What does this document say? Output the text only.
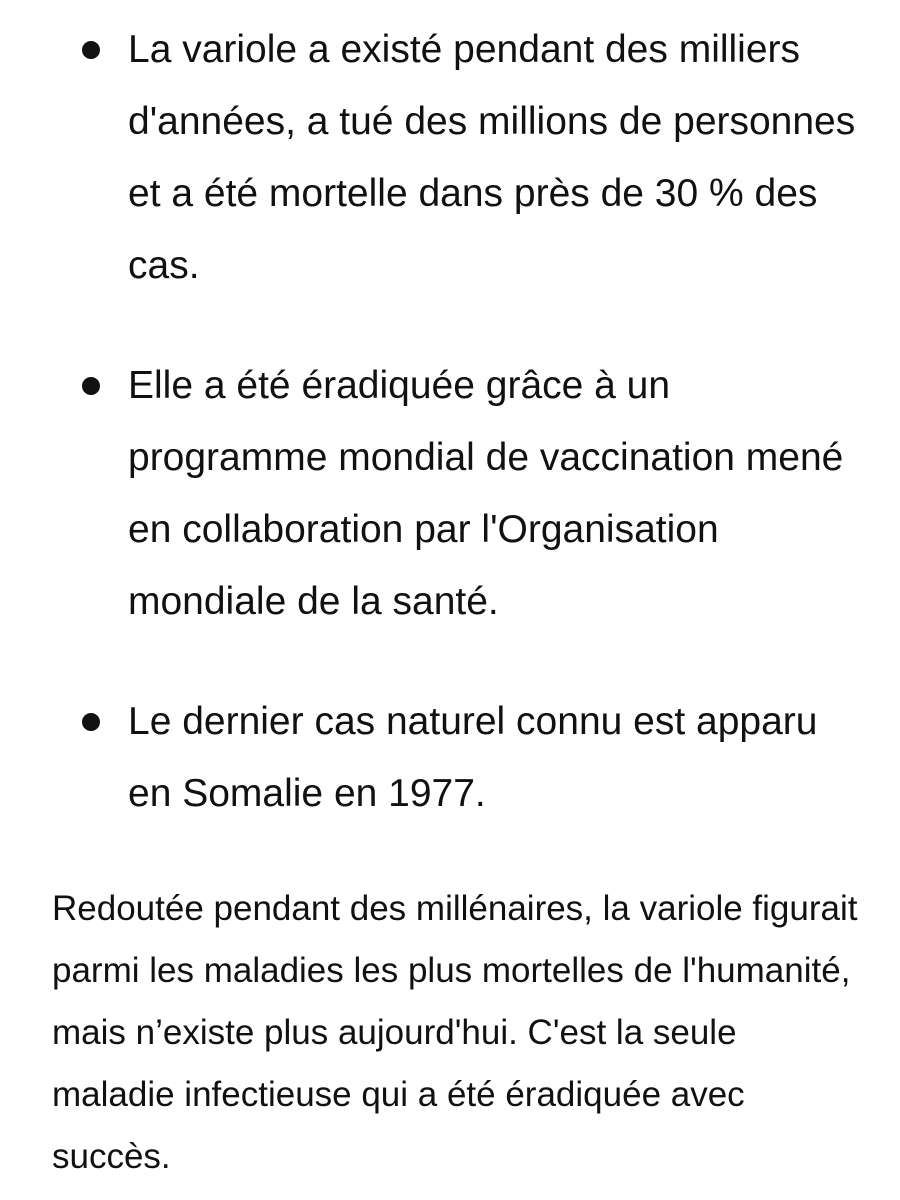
La variole a existé pendant des milliers d'années, a tué des millions de personnes et a été mortelle dans près de 30 % des cas.
Elle a été éradiquée grâce à un programme mondial de vaccination mené en collaboration par l'Organisation mondiale de la santé.
Le dernier cas naturel connu est apparu en Somalie en 1977.

Redoutée pendant des millénaires, la variole figurait parmi les maladies les plus mortelles de l'humanité, mais n’existe plus aujourd'hui. C'est la seule maladie infectieuse qui a été éradiquée avec succès.
